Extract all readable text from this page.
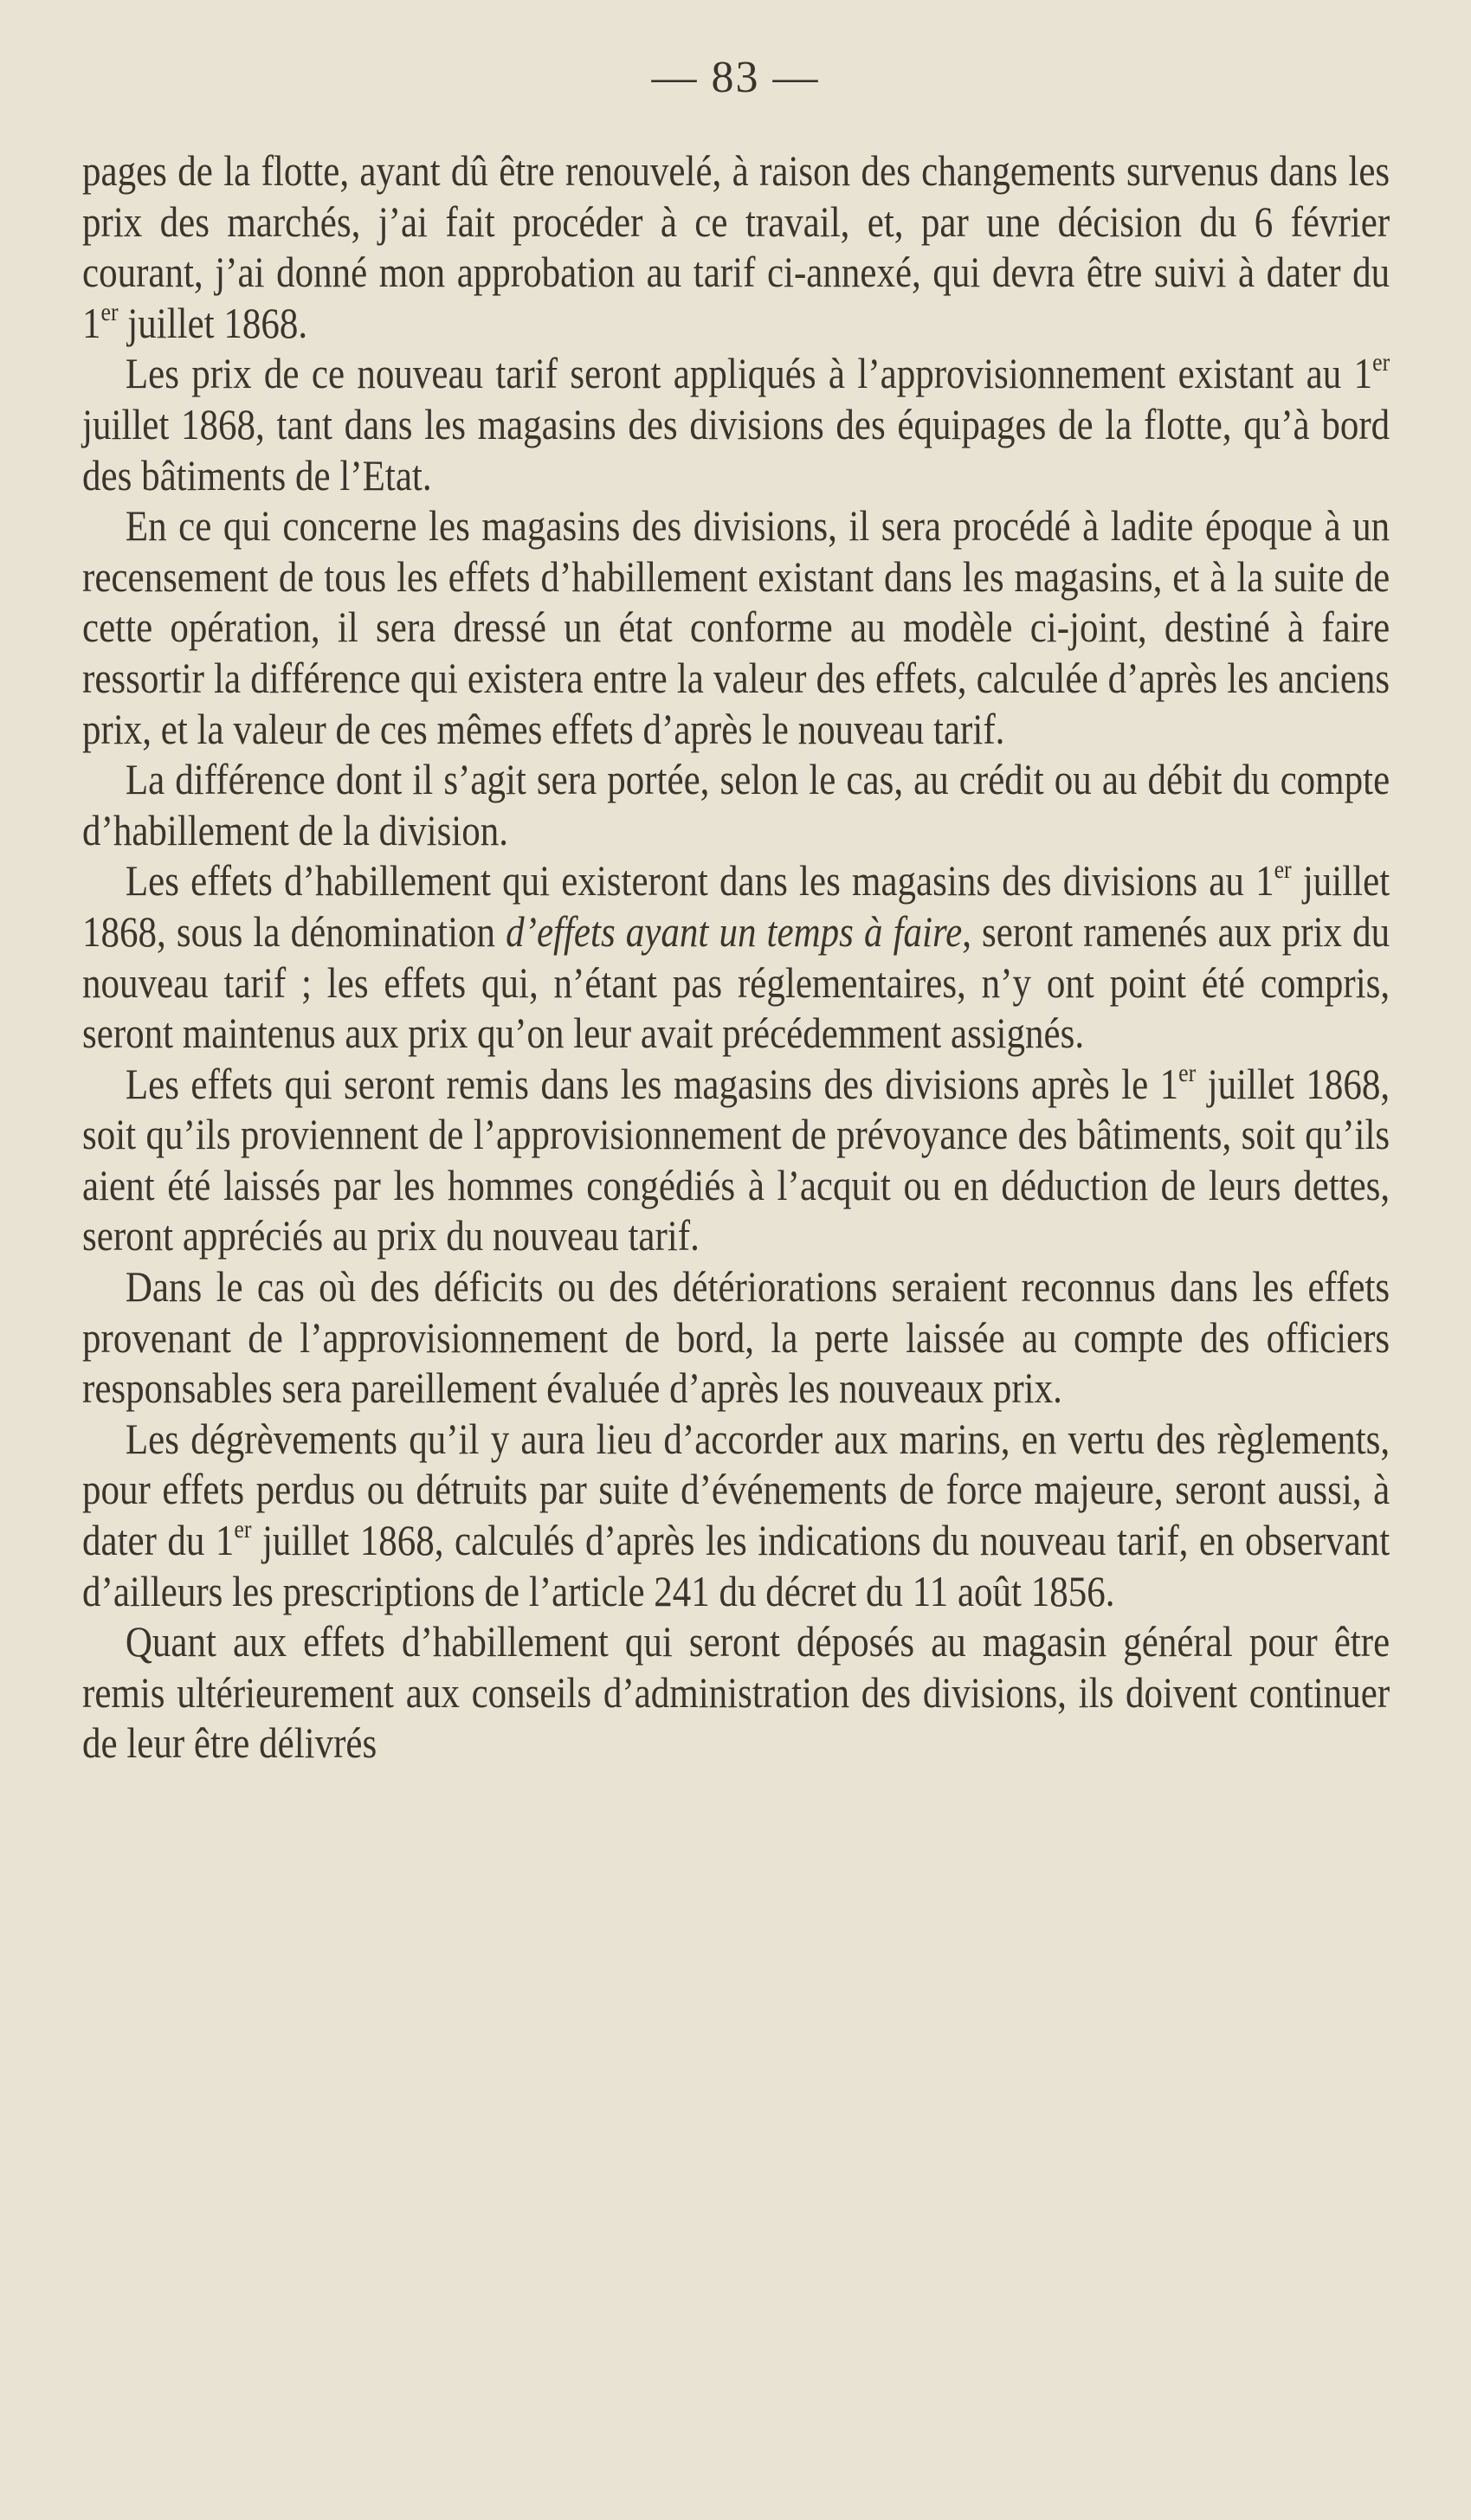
— 83 —

pages de la flotte, ayant dû être renouvelé, à raison des changements survenus dans les prix des marchés, j’ai fait procéder à ce travail, et, par une décision du 6 février courant, j’ai donné mon approbation au tarif ci-annexé, qui devra être suivi à dater du 1er juillet 1868.

Les prix de ce nouveau tarif seront appliqués à l’approvisionnement existant au 1er juillet 1868, tant dans les magasins des divisions des équipages de la flotte, qu’à bord des bâtiments de l’Etat.

En ce qui concerne les magasins des divisions, il sera procédé à ladite époque à un recensement de tous les effets d’habillement existant dans les magasins, et à la suite de cette opération, il sera dressé un état conforme au modèle ci-joint, destiné à faire ressortir la différence qui existera entre la valeur des effets, calculée d’après les anciens prix, et la valeur de ces mêmes effets d’après le nouveau tarif.

La différence dont il s’agit sera portée, selon le cas, au crédit ou au débit du compte d’habillement de la division.

Les effets d’habillement qui existeront dans les magasins des divisions au 1er juillet 1868, sous la dénomination d’effets ayant un temps à faire, seront ramenés aux prix du nouveau tarif ; les effets qui, n’étant pas réglementaires, n’y ont point été compris, seront maintenus aux prix qu’on leur avait précédemment assignés.

Les effets qui seront remis dans les magasins des divisions après le 1er juillet 1868, soit qu’ils proviennent de l’approvisionnement de prévoyance des bâtiments, soit qu’ils aient été laissés par les hommes congédiés à l’acquit ou en déduction de leurs dettes, seront appréciés au prix du nouveau tarif.

Dans le cas où des déficits ou des détériorations seraient reconnus dans les effets provenant de l’approvisionnement de bord, la perte laissée au compte des officiers responsables sera pareillement évaluée d’après les nouveaux prix.

Les dégrèvements qu’il y aura lieu d’accorder aux marins, en vertu des règlements, pour effets perdus ou détruits par suite d’événements de force majeure, seront aussi, à dater du 1er juillet 1868, calculés d’après les indications du nouveau tarif, en observant d’ailleurs les prescriptions de l’article 241 du décret du 11 août 1856.

Quant aux effets d’habillement qui seront déposés au magasin général pour être remis ultérieurement aux conseils d’administration des divisions, ils doivent continuer de leur être délivrés
